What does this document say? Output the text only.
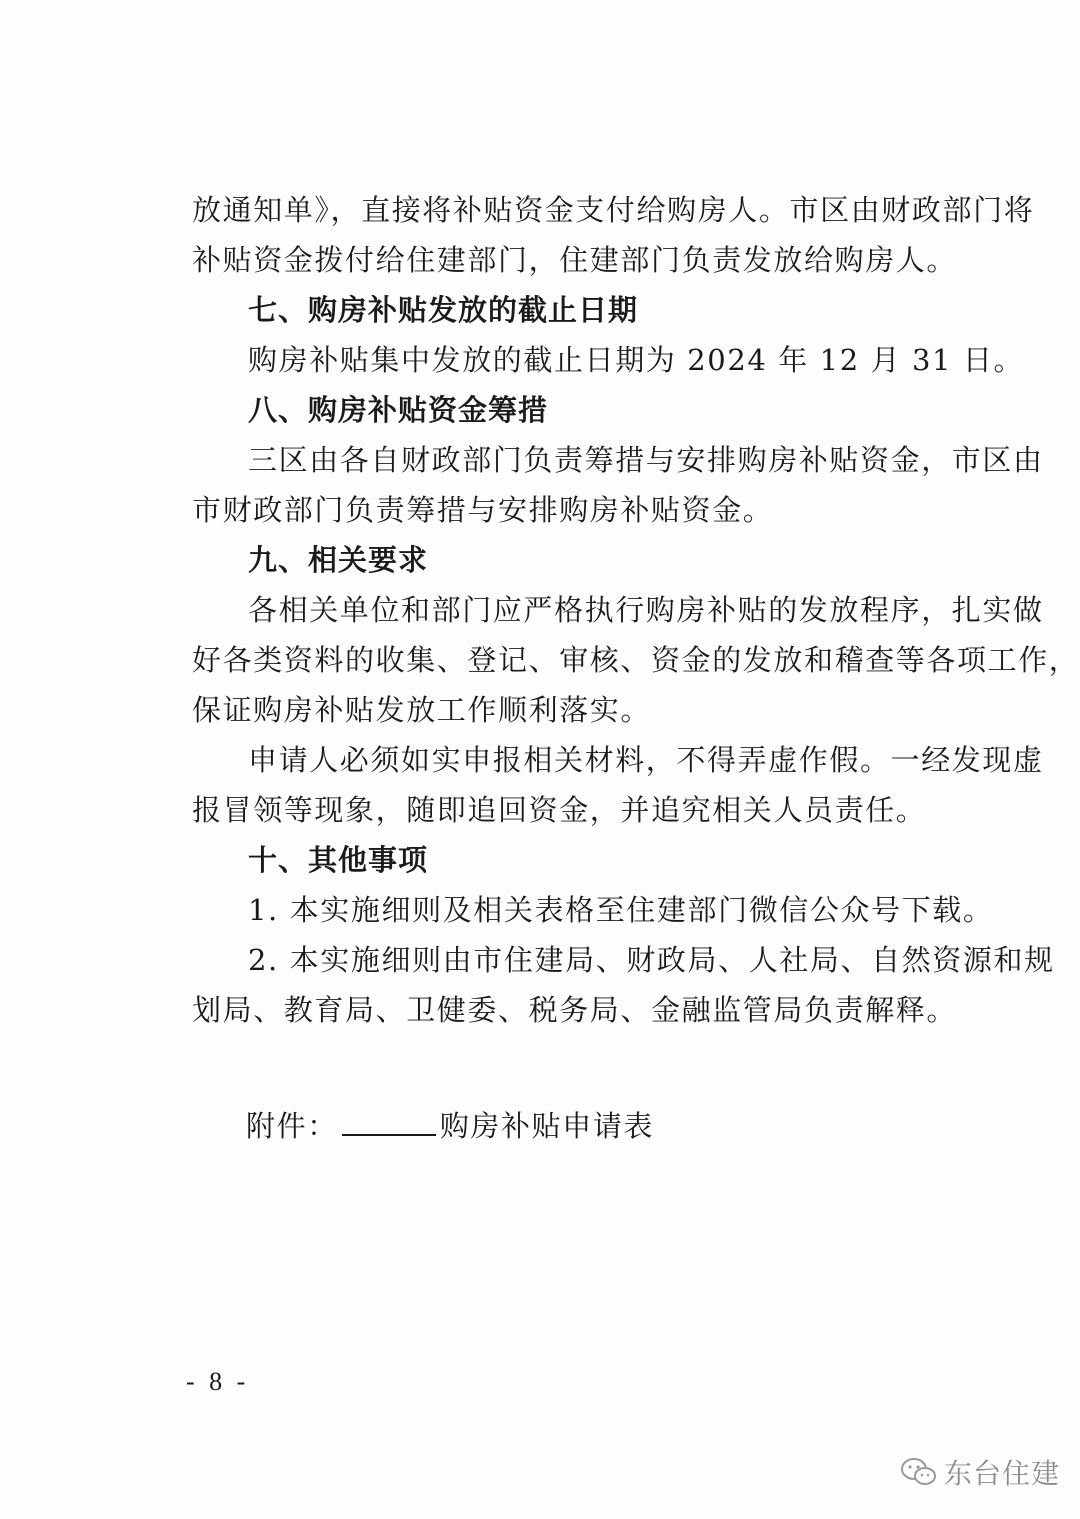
放通知单》，直接将补贴资金支付给购房人。市区由财政部门将
补贴资金拨付给住建部门，住建部门负责发放给购房人。
七、购房补贴发放的截止日期
购房补贴集中发放的截止日期为 2024 年 12 月 31 日。
八、购房补贴资金筹措
三区由各自财政部门负责筹措与安排购房补贴资金，市区由
市财政部门负责筹措与安排购房补贴资金。
九、相关要求
各相关单位和部门应严格执行购房补贴的发放程序，扎实做
好各类资料的收集、登记、审核、资金的发放和稽查等各项工作，
保证购房补贴发放工作顺利落实。
申请人必须如实申报相关材料，不得弄虚作假。一经发现虚
报冒领等现象，随即追回资金，并追究相关人员责任。
十、其他事项
1. 本实施细则及相关表格至住建部门微信公众号下载。
2. 本实施细则由市住建局、财政局、人社局、自然资源和规
划局、教育局、卫健委、税务局、金融监管局负责解释。
附件：	购房补贴申请表
- 8 -
东台住建
